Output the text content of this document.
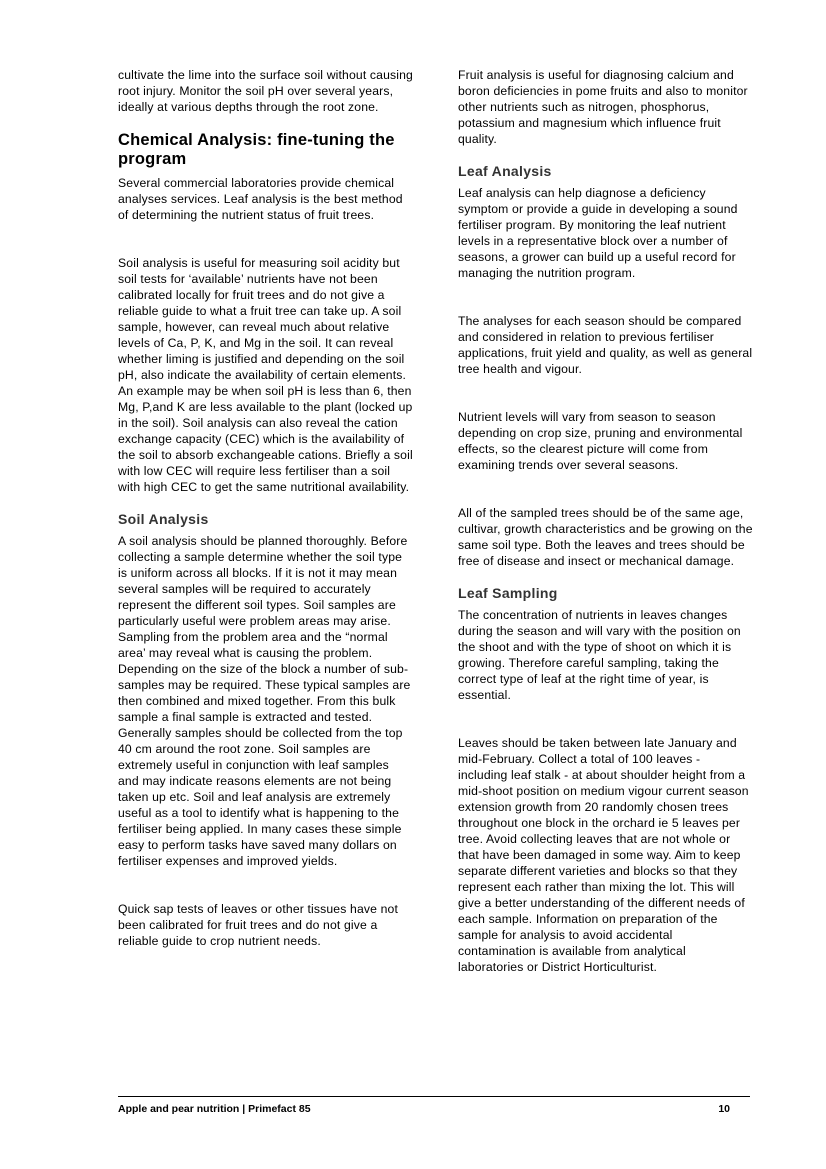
cultivate the lime into the surface soil without causing root injury. Monitor the soil pH over several years, ideally at various depths through the root zone.

Chemical Analysis: fine-tuning the program

Several commercial laboratories provide chemical analyses services. Leaf analysis is the best method of determining the nutrient status of fruit trees.

Soil analysis is useful for measuring soil acidity but soil tests for ‘available’ nutrients have not been calibrated locally for fruit trees and do not give a reliable guide to what a fruit tree can take up. A soil sample, however, can reveal much about relative levels of Ca, P, K, and Mg in the soil. It can reveal whether liming is justified and depending on the soil pH, also indicate the availability of certain elements. An example may be when soil pH is less than 6, then Mg, P,and K are less available to the plant (locked up in the soil). Soil analysis can also reveal the cation exchange capacity (CEC) which is the availability of the soil to absorb exchangeable cations. Briefly a soil with low CEC will require less fertiliser than a soil with high CEC to get the same nutritional availability.

Soil Analysis

A soil analysis should be planned thoroughly. Before collecting a sample determine whether the soil type is uniform across all blocks. If it is not it may mean several samples will be required to accurately represent the different soil types. Soil samples are particularly useful were problem areas may arise. Sampling from the problem area and the “normal area’ may reveal what is causing the problem. Depending on the size of the block a number of sub-samples may be required. These typical samples are then combined and mixed together. From this bulk sample a final sample is extracted and tested. Generally samples should be collected from the top 40 cm around the root zone. Soil samples are extremely useful in conjunction with leaf samples and may indicate reasons elements are not being taken up etc. Soil and leaf analysis are extremely useful as a tool to identify what is happening to the fertiliser being applied. In many cases these simple easy to perform tasks have saved many dollars on fertiliser expenses and improved yields.

Quick sap tests of leaves or other tissues have not been calibrated for fruit trees and do not give a reliable guide to crop nutrient needs.

Fruit analysis is useful for diagnosing calcium and boron deficiencies in pome fruits and also to monitor other nutrients such as nitrogen, phosphorus, potassium and magnesium which influence fruit quality.

Leaf Analysis

Leaf analysis can help diagnose a deficiency symptom or provide a guide in developing a sound fertiliser program. By monitoring the leaf nutrient levels in a representative block over a number of seasons, a grower can build up a useful record for managing the nutrition program.

The analyses for each season should be compared and considered in relation to previous fertiliser applications, fruit yield and quality, as well as general tree health and vigour.

Nutrient levels will vary from season to season depending on crop size, pruning and environmental effects, so the clearest picture will come from examining trends over several seasons.

All of the sampled trees should be of the same age, cultivar, growth characteristics and be growing on the same soil type. Both the leaves and trees should be free of disease and insect or mechanical damage.

Leaf Sampling

The concentration of nutrients in leaves changes during the season and will vary with the position on the shoot and with the type of shoot on which it is growing. Therefore careful sampling, taking the correct type of leaf at the right time of year, is essential.

Leaves should be taken between late January and mid-February. Collect a total of 100 leaves - including leaf stalk - at about shoulder height from a mid-shoot position on medium vigour current season extension growth from 20 randomly chosen trees throughout one block in the orchard ie 5 leaves per tree. Avoid collecting leaves that are not whole or that have been damaged in some way. Aim to keep separate different varieties and blocks so that they represent each rather than mixing the lot. This will give a better understanding of the different needs of each sample. Information on preparation of the sample for analysis to avoid accidental contamination is available from analytical laboratories or District Horticulturist.

Apple and pear nutrition | Primefact 85	10
